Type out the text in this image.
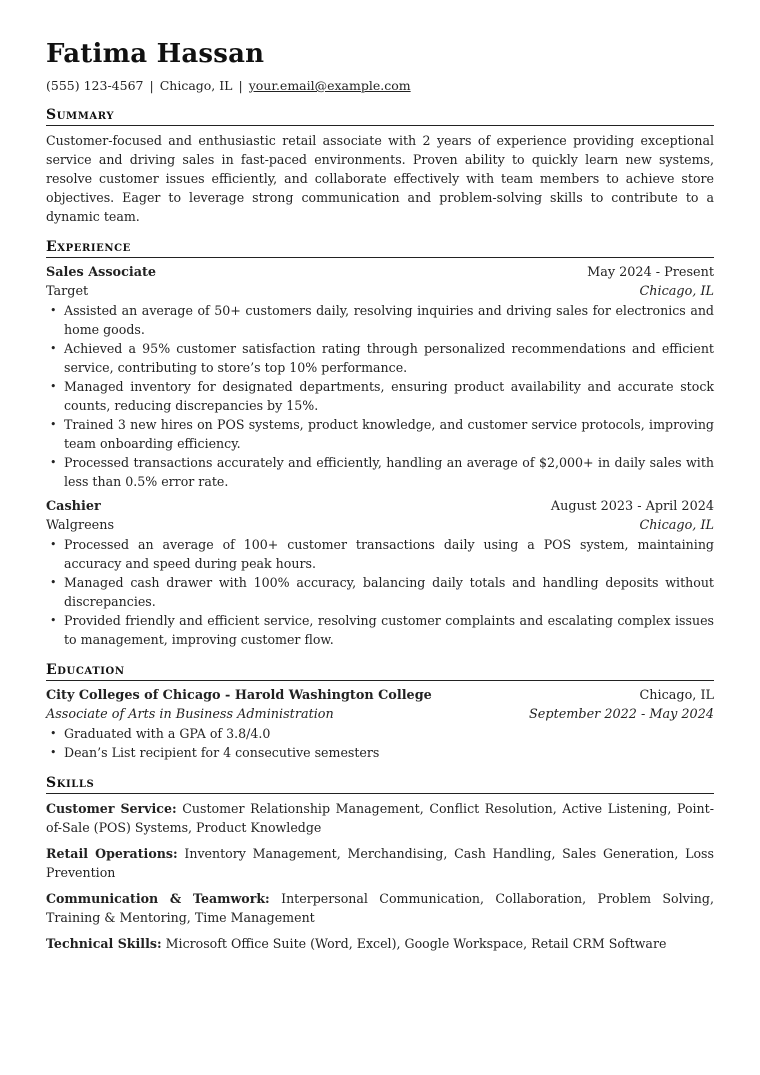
Fatima Hassan
(555) 123-4567 | Chicago, IL | your.email@example.com
Summary

Customer-focused and enthusiastic retail associate with 2 years of experience providing exceptional service and driving sales in fast-paced environments. Proven ability to quickly learn new systems, resolve customer issues efficiently, and collaborate effectively with team members to achieve store objectives. Eager to leverage strong communication and problem-solving skills to contribute to a dynamic team.

Experience
Sales Associate	May 2024 - Present
Target	Chicago, IL
• Assisted an average of 50+ customers daily, resolving inquiries and driving sales for electronics and home goods.
• Achieved a 95% customer satisfaction rating through personalized recommendations and efficient service, contributing to store’s top 10% performance.
• Managed inventory for designated departments, ensuring product availability and accurate stock counts, reducing discrepancies by 15%.
• Trained 3 new hires on POS systems, product knowledge, and customer service protocols, improving team onboarding efficiency.
• Processed transactions accurately and efficiently, handling an average of $2,000+ in daily sales with less than 0.5% error rate.
Cashier	August 2023 - April 2024
Walgreens	Chicago, IL
• Processed an average of 100+ customer transactions daily using a POS system, maintaining accuracy and speed during peak hours.
• Managed cash drawer with 100% accuracy, balancing daily totals and handling deposits without discrepancies.
• Provided friendly and efficient service, resolving customer complaints and escalating complex issues to management, improving customer flow.
Education
City Colleges of Chicago - Harold Washington College	Chicago, IL
Associate of Arts in Business Administration	September 2022 - May 2024
• Graduated with a GPA of 3.8/4.0
• Dean’s List recipient for 4 consecutive semesters
Skills

Customer Service: Customer Relationship Management, Conflict Resolution, Active Listening, Point-of-Sale (POS) Systems, Product Knowledge

Retail Operations: Inventory Management, Merchandising, Cash Handling, Sales Generation, Loss Prevention

Communication & Teamwork: Interpersonal Communication, Collaboration, Problem Solving, Training & Mentoring, Time Management

Technical Skills: Microsoft Office Suite (Word, Excel), Google Workspace, Retail CRM Software
